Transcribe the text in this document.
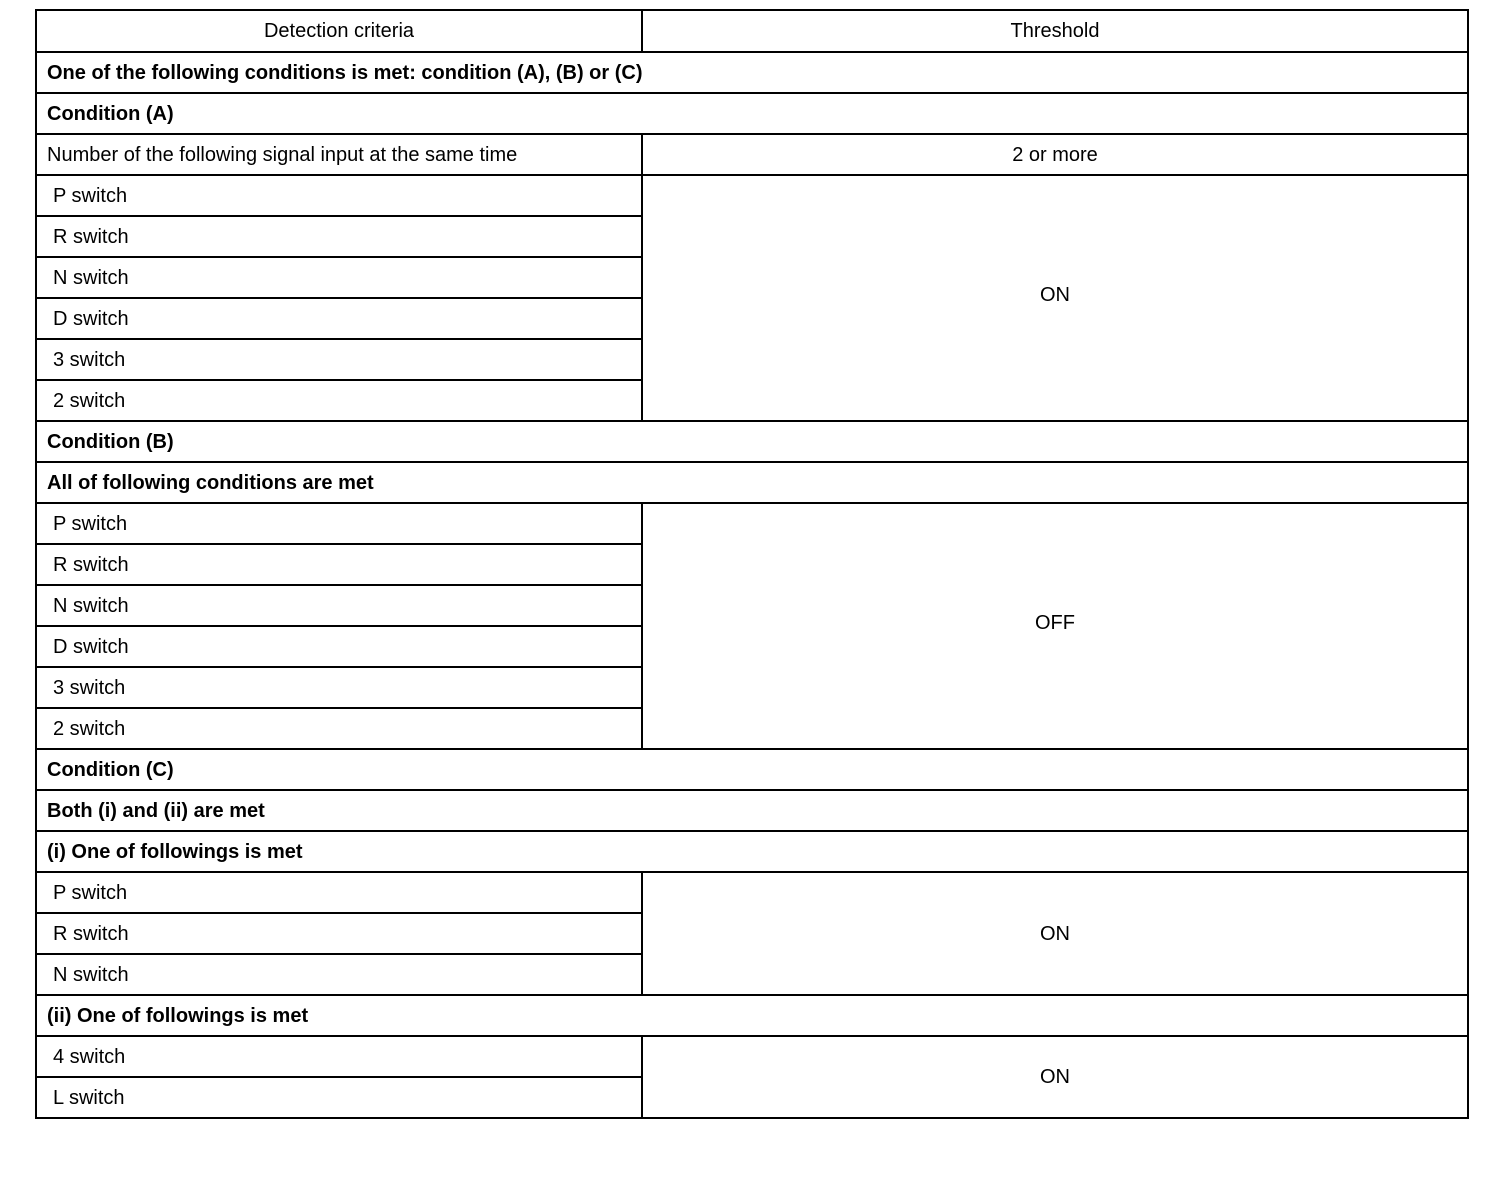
Detection criteria	Threshold
One of the following conditions is met: condition (A), (B) or (C)	
Condition (A)	
Number of the following signal input at the same time	2 or more
P switch	ON
R switch	
N switch	
D switch	
3 switch	
2 switch	
Condition (B)	
All of following conditions are met	
P switch	OFF
R switch	
N switch	
D switch	
3 switch	
2 switch	
Condition (C)	
Both (i) and (ii) are met	
(i) One of followings is met	
P switch	ON
R switch	
N switch	
(ii) One of followings is met	
4 switch	ON
L switch	
